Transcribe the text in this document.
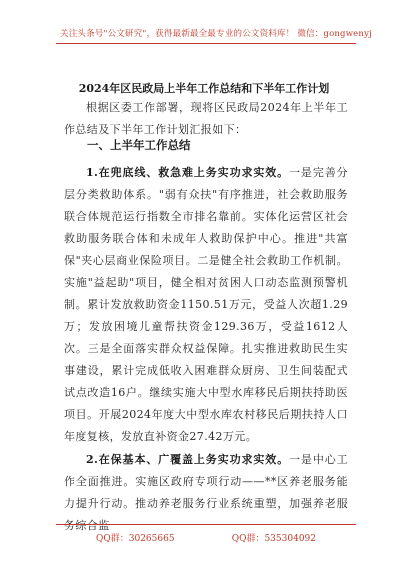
关注头条号"公文研究"，获得最新最全最专业的公文资料库！ 微信：gongwenyj
2024年区民政局上半年工作总结和下半年工作计划

根据区委工作部署，现将区民政局2024年上半年工作总结及下半年工作计划汇报如下：

一、上半年工作总结

1.在兜底线、救急难上务实功求实效。一是完善分层分类救助体系。"弱有众扶"有序推进，社会救助服务联合体规范运行指数全市排名靠前。实体化运营区社会救助服务联合体和未成年人救助保护中心。推进"共富保"夹心层商业保险项目。二是健全社会救助工作机制。实施"益起助"项目，健全相对贫困人口动态监测预警机制。累计发放救助资金1150.51万元，受益人次超1.29万；发放困境儿童帮扶资金129.36万，受益1612人次。三是全面落实群众权益保障。扎实推进救助民生实事建设，累计完成低收入困难群众厨房、卫生间装配式试点改造16户。继续实施大中型水库移民后期扶持助医项目。开展2024年度大中型水库农村移民后期扶持人口年度复核，发放直补资金27.42万元。

2.在保基本、广覆盖上务实功求实效。一是中心工作全面推进。实施区政府专项行动——**区养老服务能力提升行动。推动养老服务行业系统重塑，加强养老服务综合监

QQ群：30265665	QQ群：535304092
